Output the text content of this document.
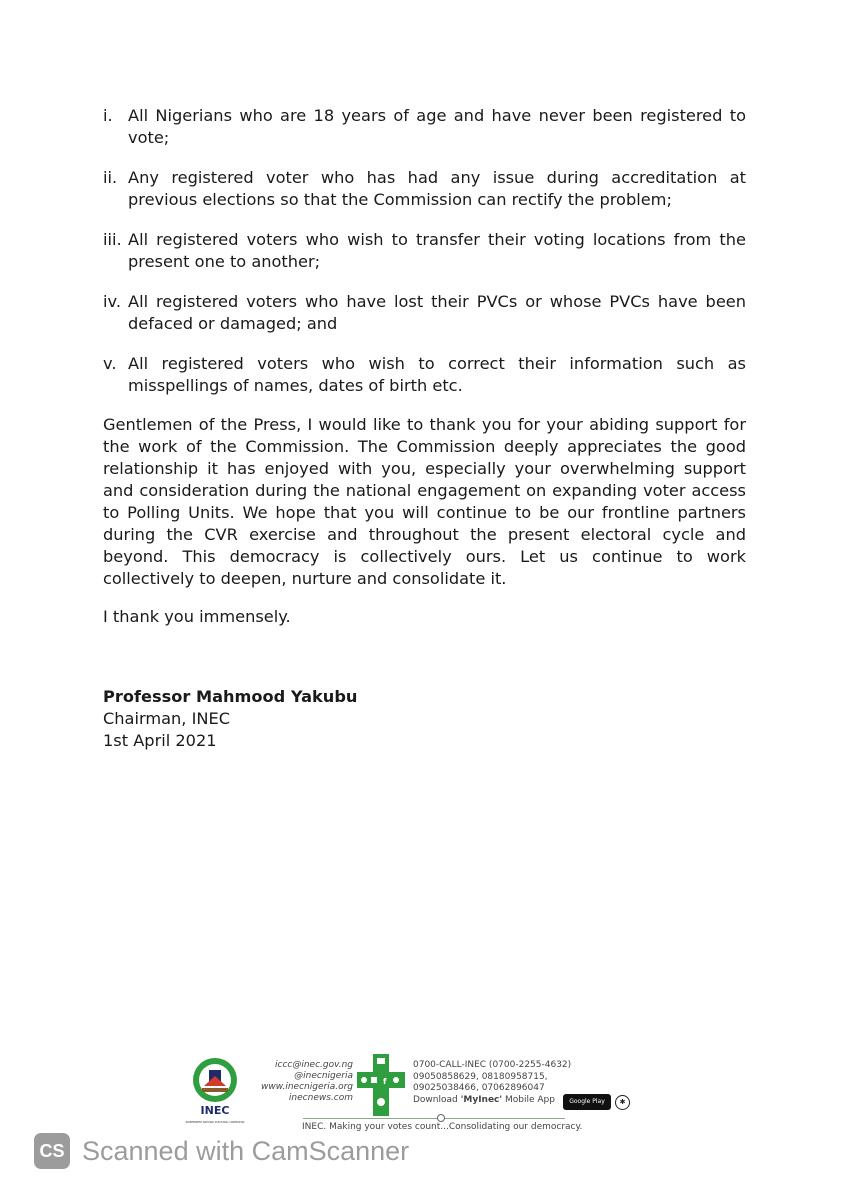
i. All Nigerians who are 18 years of age and have never been registered to vote;
ii. Any registered voter who has had any issue during accreditation at previous elections so that the Commission can rectify the problem;
iii. All registered voters who wish to transfer their voting locations from the present one to another;
iv. All registered voters who have lost their PVCs or whose PVCs have been defaced or damaged; and
v. All registered voters who wish to correct their information such as misspellings of names, dates of birth etc.
Gentlemen of the Press, I would like to thank you for your abiding support for the work of the Commission. The Commission deeply appreciates the good relationship it has enjoyed with you, especially your overwhelming support and consideration during the national engagement on expanding voter access to Polling Units. We hope that you will continue to be our frontline partners during the CVR exercise and throughout the present electoral cycle and beyond. This democracy is collectively ours. Let us continue to work collectively to deepen, nurture and consolidate it.
I thank you immensely.
Professor Mahmood Yakubu
Chairman, INEC
1st April 2021
INEC
INDEPENDENT NATIONAL ELECTORAL COMMISSION
iccc@inec.gov.ng
@inecnigeria
www.inecnigeria.org
inecnews.com
f
0700-CALL-INEC (0700-2255-4632)
09050858629, 08180958715,
09025038466, 07062896047
Download 'MyInec' Mobile App	Google Play	✱
INEC. Making your votes count...Consolidating our democracy.
CS Scanned with CamScanner
